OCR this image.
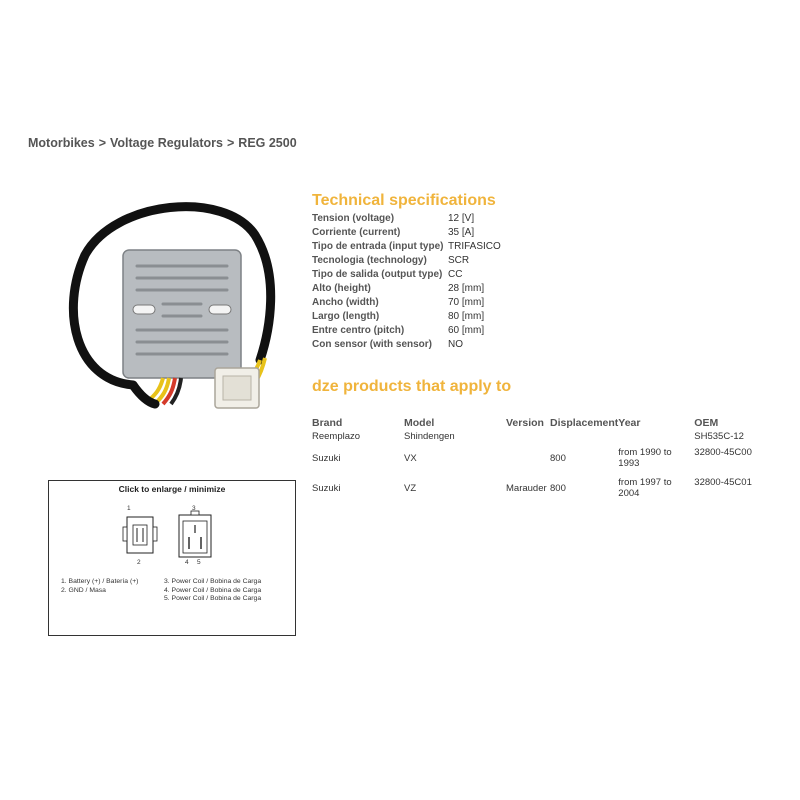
Motorbikes > Voltage Regulators > REG 2500
Technical specifications
Tension (voltage)	12 [V]
Corriente (current)	35 [A]
Tipo de entrada (input type)	TRIFASICO
Tecnologia (technology)	SCR
Tipo de salida (output type)	CC
Alto (height)	28 [mm]
Ancho (width)	70 [mm]
Largo (length)	80 [mm]
Entre centro (pitch)	60 [mm]
Con sensor (with sensor)	NO
dze products that apply to
Brand	Model	Version	Displacement	Year	OEM
Reemplazo	Shindengen				SH535C-12
Suzuki	VX		800	from 1990 to 1993	32800-45C00
Suzuki	VZ	Marauder	800	from 1997 to 2004	32800-45C01
Click to enlarge / minimize
1
2
3
4 5
1. Battery (+) / Batería (+)
2. GND / Masa
3. Power Coil / Bobina de Carga
4. Power Coil / Bobina de Carga
5. Power Coil / Bobina de Carga
